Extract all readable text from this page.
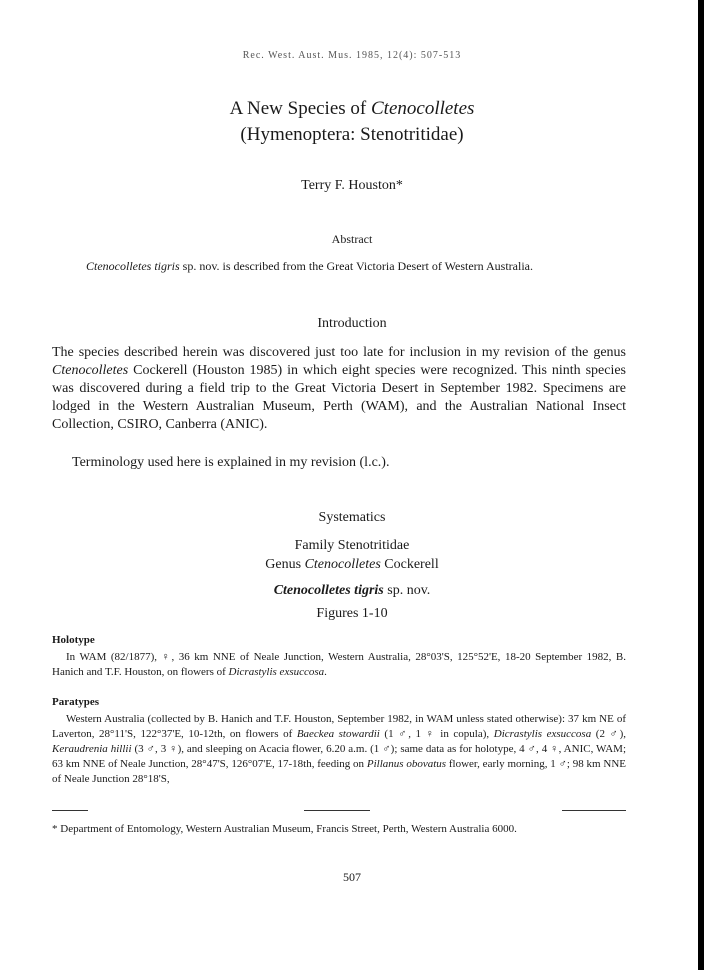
Rec. West. Aust. Mus. 1985, 12(4): 507-513
A New Species of Ctenocolletes
(Hymenoptera: Stenotritidae)
Terry F. Houston*
Abstract
Ctenocolletes tigris sp. nov. is described from the Great Victoria Desert of Western Australia.
Introduction
The species described herein was discovered just too late for inclusion in my revision of the genus Ctenocolletes Cockerell (Houston 1985) in which eight species were recognized. This ninth species was discovered during a field trip to the Great Victoria Desert in September 1982. Specimens are lodged in the Western Australian Museum, Perth (WAM), and the Australian National Insect Collection, CSIRO, Canberra (ANIC).
Terminology used here is explained in my revision (l.c.).
Systematics
Family Stenotritidae
Genus Ctenocolletes Cockerell
Ctenocolletes tigris sp. nov.
Figures 1-10
Holotype
In WAM (82/1877), ♀, 36 km NNE of Neale Junction, Western Australia, 28°03'S, 125°52'E, 18-20 September 1982, B. Hanich and T.F. Houston, on flowers of Dicrastylis exsuccosa.
Paratypes
Western Australia (collected by B. Hanich and T.F. Houston, September 1982, in WAM unless stated otherwise): 37 km NE of Laverton, 28°11'S, 122°37'E, 10-12th, on flowers of Baeckea stowardii (1 ♂, 1 ♀ in copula), Dicrastylis exsuccosa (2 ♂), Keraudrenia hillii (3 ♂, 3 ♀), and sleeping on Acacia flower, 6.20 a.m. (1 ♂); same data as for holotype, 4 ♂, 4 ♀, ANIC, WAM; 63 km NNE of Neale Junction, 28°47'S, 126°07'E, 17-18th, feeding on Pillanus obovatus flower, early morning, 1 ♂; 98 km NNE of Neale Junction 28°18'S,
* Department of Entomology, Western Australian Museum, Francis Street, Perth, Western Australia 6000.
507
